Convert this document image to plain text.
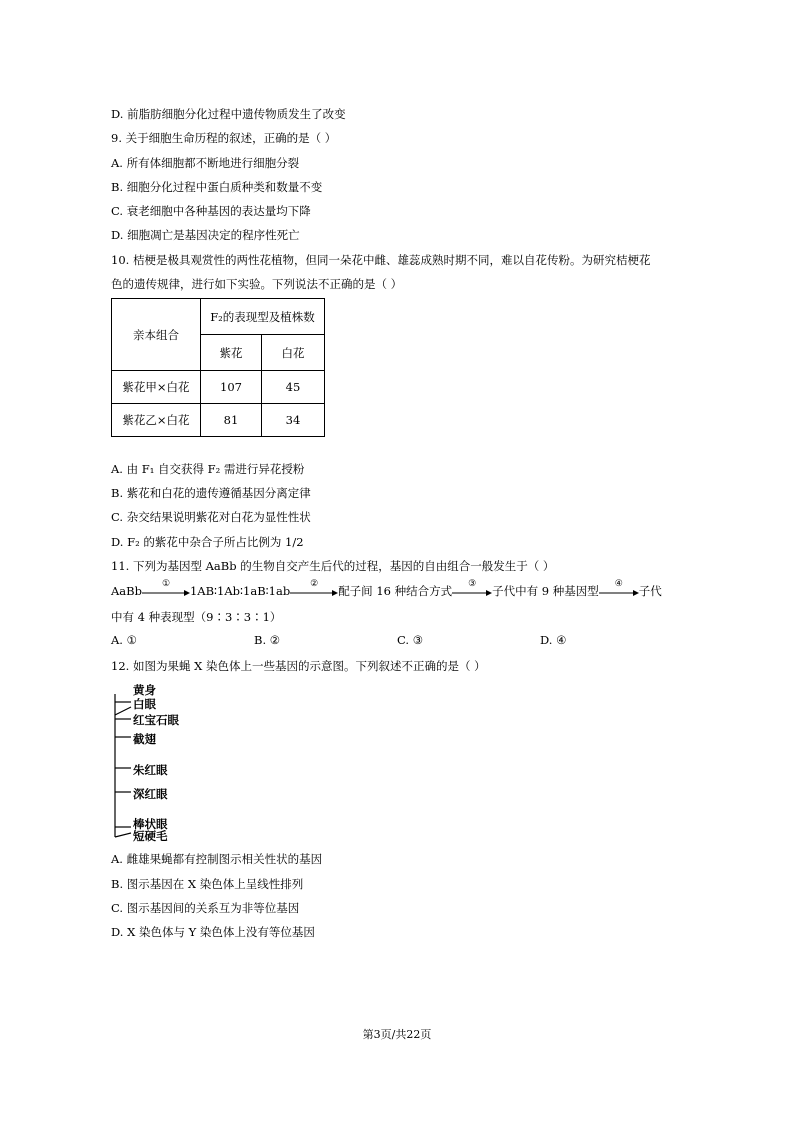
D. 前脂肪细胞分化过程中遗传物质发生了改变
9. 关于细胞生命历程的叙述，正确的是（ ）
A. 所有体细胞都不断地进行细胞分裂
B. 细胞分化过程中蛋白质种类和数量不变
C. 衰老细胞中各种基因的表达量均下降
D. 细胞凋亡是基因决定的程序性死亡
10. 桔梗是极具观赏性的两性花植物，但同一朵花中雌、雄蕊成熟时期不同，难以自花传粉。为研究桔梗花
色的遗传规律，进行如下实验。下列说法不正确的是（ ）
亲本组合	F₂的表现型及植株数	
	紫花	白花
紫花甲×白花	107	45
紫花乙×白花	81	34
A. 由 F₁ 自交获得 F₂ 需进行异花授粉
B. 紫花和白花的遗传遵循基因分离定律
C. 杂交结果说明紫花对白花为显性性状
D. F₂ 的紫花中杂合子所占比例为 1/2
11. 下列为基因型 AaBb 的生物自交产生后代的过程，基因的自由组合一般发生于（ ）
AaBb	①	1AB∶1Ab∶1aB∶1ab	②	配子间 16 种结合方式	③	子代中有 9 种基因型	④	子代
中有 4 种表现型（9∶3∶3∶1）
A. ①	B. ②	C. ③	D. ④
12. 如图为果蝇 X 染色体上一些基因的示意图。下列叙述不正确的是（ ）
黄身
白眼
红宝石眼
截翅
朱红眼
深红眼
棒状眼
短硬毛
A. 雌雄果蝇都有控制图示相关性状的基因
B. 图示基因在 X 染色体上呈线性排列
C. 图示基因间的关系互为非等位基因
D. X 染色体与 Y 染色体上没有等位基因
第3页/共22页
